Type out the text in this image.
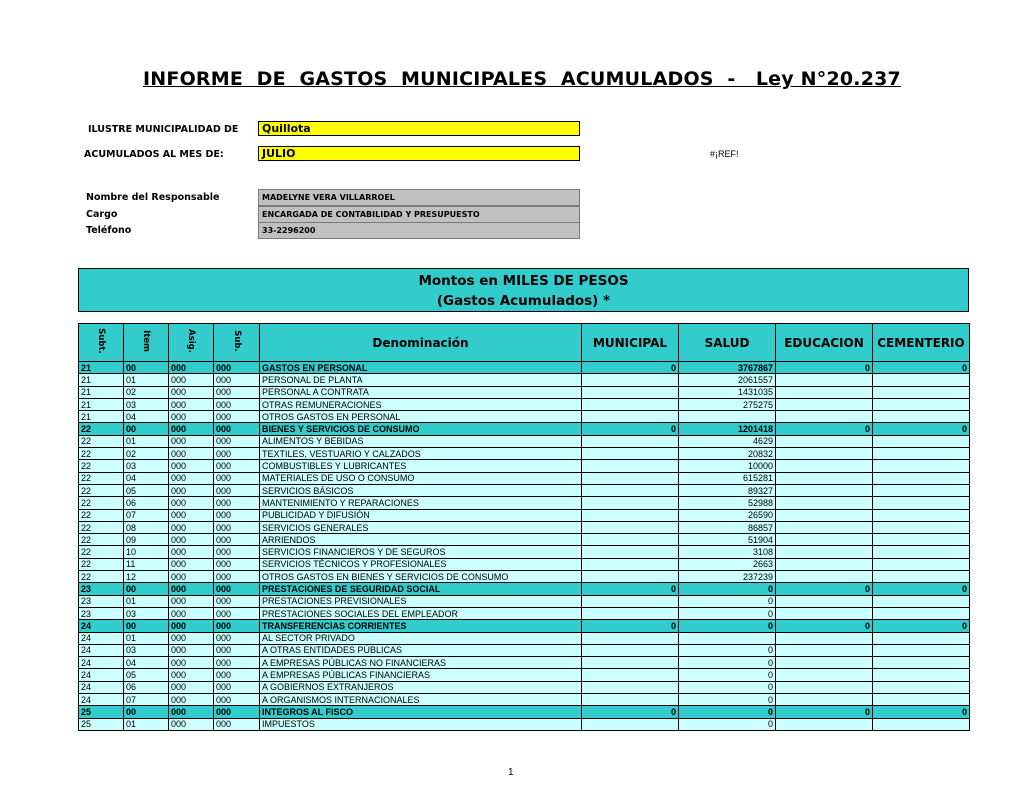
INFORME  DE  GASTOS  MUNICIPALES  ACUMULADOS  -   Ley N°20.237
ILUSTRE MUNICIPALIDAD DE	Quillota
ACUMULADOS AL MES DE:	JULIO	#¡REF!
Nombre del Responsable	MADELYNE VERA VILLARROEL
Cargo	ENCARGADA DE CONTABILIDAD Y PRESUPUESTO
Teléfono	33-2296200
Montos en MILES DE PESOS
(Gastos Acumulados) *
Subt.	Item	Asig.	Sub.	Denominación	MUNICIPAL	SALUD	EDUCACION	CEMENTERIO
21	00	000	000	GASTOS EN PERSONAL	0	3767867	0	0
21	01	000	000	PERSONAL DE PLANTA		2061557		
21	02	000	000	PERSONAL A CONTRATA		1431035		
21	03	000	000	OTRAS REMUNERACIONES		275275		
21	04	000	000	OTROS GASTOS EN PERSONAL				
22	00	000	000	BIENES Y SERVICIOS DE CONSUMO	0	1201418	0	0
22	01	000	000	ALIMENTOS Y BEBIDAS		4629		
22	02	000	000	TEXTILES, VESTUARIO Y CALZADOS		20832		
22	03	000	000	COMBUSTIBLES Y LUBRICANTES		10000		
22	04	000	000	MATERIALES DE USO O CONSUMO		615281		
22	05	000	000	SERVICIOS BÁSICOS		89327		
22	06	000	000	MANTENIMIENTO Y REPARACIONES		52988		
22	07	000	000	PUBLICIDAD Y DIFUSIÓN		26590		
22	08	000	000	SERVICIOS GENERALES		86857		
22	09	000	000	ARRIENDOS		51904		
22	10	000	000	SERVICIOS FINANCIEROS Y DE SEGUROS		3108		
22	11	000	000	SERVICIOS TÉCNICOS Y PROFESIONALES		2663		
22	12	000	000	OTROS GASTOS EN BIENES Y SERVICIOS DE CONSUMO		237239		
23	00	000	000	PRESTACIONES DE SEGURIDAD SOCIAL	0	0	0	0
23	01	000	000	PRESTACIONES PREVISIONALES		0		
23	03	000	000	PRESTACIONES SOCIALES DEL EMPLEADOR		0		
24	00	000	000	TRANSFERENCIAS CORRIENTES	0	0	0	0
24	01	000	000	AL SECTOR PRIVADO				
24	03	000	000	A OTRAS ENTIDADES PÚBLICAS		0		
24	04	000	000	A EMPRESAS PÚBLICAS NO FINANCIERAS		0		
24	05	000	000	A EMPRESAS PÚBLICAS FINANCIERAS		0		
24	06	000	000	A GOBIERNOS EXTRANJEROS		0		
24	07	000	000	A ORGANISMOS INTERNACIONALES		0		
25	00	000	000	INTEGROS AL FISCO	0	0	0	0
25	01	000	000	IMPUESTOS		0		
1
